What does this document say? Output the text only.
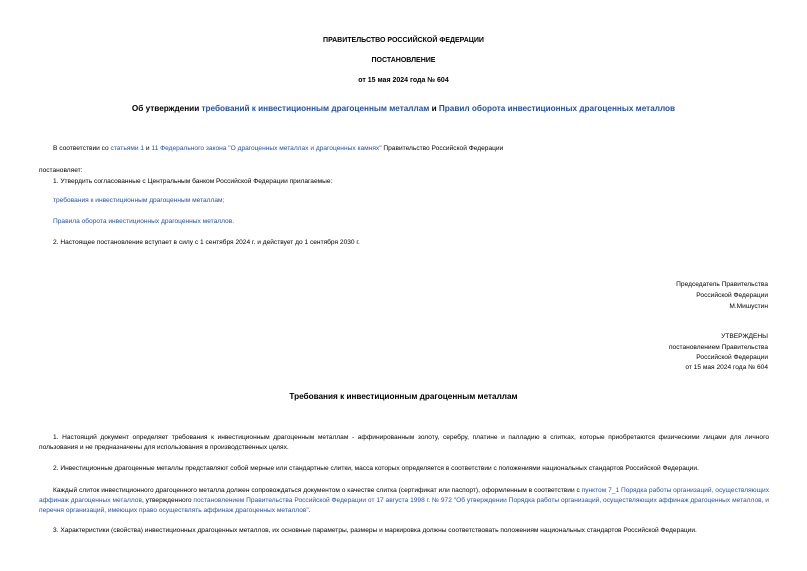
ПРАВИТЕЛЬСТВО РОССИЙСКОЙ ФЕДЕРАЦИИ
ПОСТАНОВЛЕНИЕ
от 15 мая 2024 года № 604
Об утверждении требований к инвестиционным драгоценным металлам и Правил оборота инвестиционных драгоценных металлов
В соответствии со статьями 1 и 11 Федерального закона "О драгоценных металлах и драгоценных камнях" Правительство Российской Федерации
постановляет:
1. Утвердить согласованные с Центральным банком Российской Федерации прилагаемые:
требования к инвестиционным драгоценным металлам;
Правила оборота инвестиционных драгоценных металлов.
2. Настоящее постановление вступает в силу с 1 сентября 2024 г. и действует до 1 сентября 2030 г.
Председатель Правительства
Российской Федерации
М.Мишустин
УТВЕРЖДЕНЫ
постановлением Правительства
Российской Федерации
от 15 мая 2024 года № 604
Требования к инвестиционным драгоценным металлам
1. Настоящий документ определяет требования к инвестиционным драгоценным металлам - аффинированным золоту, серебру, платине и палладию в слитках, которые приобретаются физическими лицами для личного пользования и не предназначены для использования в производственных целях.
2. Инвестиционные драгоценные металлы представляют собой мерные или стандартные слитки, масса которых определяется в соответствии с положениями национальных стандартов Российской Федерации.
Каждый слиток инвестиционного драгоценного металла должен сопровождаться документом о качестве слитка (сертификат или паспорт), оформленным в соответствии с пунктом 7_1 Порядка работы организаций, осуществляющих аффинаж драгоценных металлов, утвержденного постановлением Правительства Российской Федерации от 17 августа 1998 г. № 972 "Об утверждении Порядка работы организаций, осуществляющих аффинаж драгоценных металлов, и перечня организаций, имеющих право осуществлять аффинаж драгоценных металлов".
3. Характеристики (свойства) инвестиционных драгоценных металлов, их основные параметры, размеры и маркировка должны соответствовать положениям национальных стандартов Российской Федерации.
